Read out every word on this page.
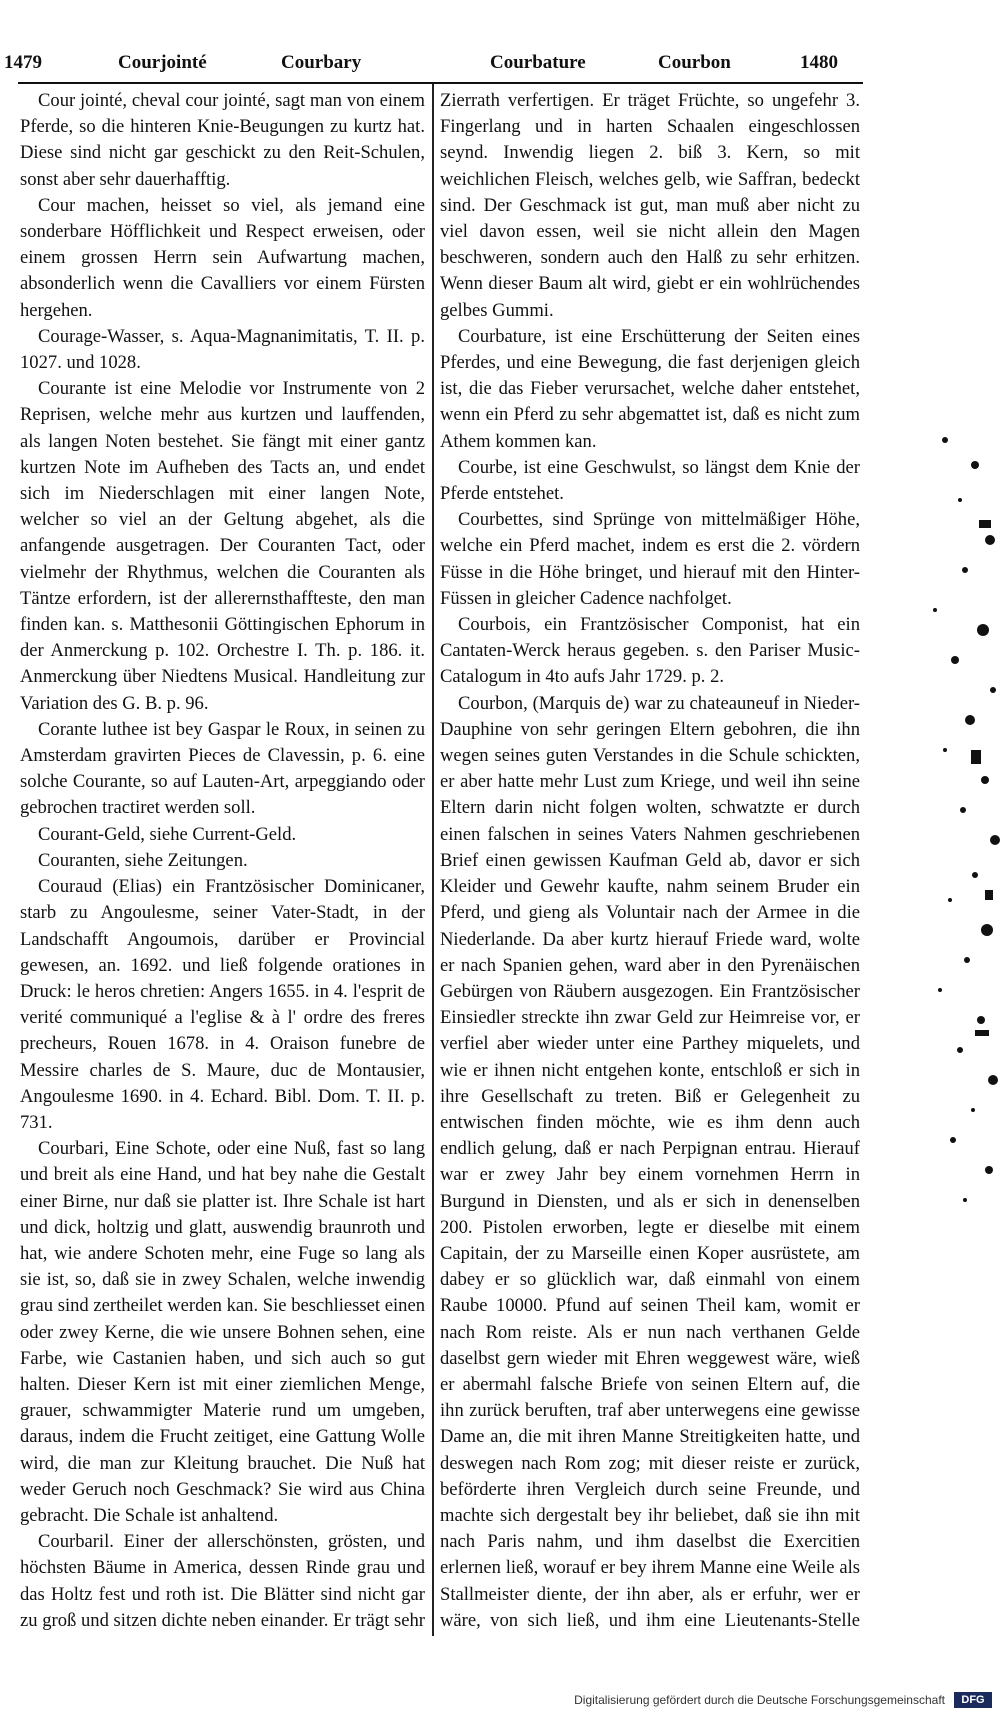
1479	Courjointé	Courbary	Courbature	Courbon	1480

Cour jointé, cheval cour jointé, sagt man von einem Pferde, so die hinteren Knie-Beugungen zu kurtz hat. Diese sind nicht gar geschickt zu den Reit-Schulen, sonst aber sehr dauerhafftig.

Cour machen, heisset so viel, als jemand eine sonderbare Höfflichkeit und Respect erweisen, oder einem grossen Herrn sein Aufwartung machen, absonderlich wenn die Cavalliers vor einem Fürsten hergehen.

Courage-Wasser, s. Aqua-Magnanimitatis, T. II. p. 1027. und 1028.

Courante ist eine Melodie vor Instrumente von 2 Reprisen, welche mehr aus kurtzen und lauffenden, als langen Noten bestehet. Sie fängt mit einer gantz kurtzen Note im Aufheben des Tacts an, und endet sich im Niederschlagen mit einer langen Note, welcher so viel an der Geltung abgehet, als die anfangende ausgetragen. Der Couranten Tact, oder vielmehr der Rhythmus, welchen die Couranten als Täntze erfordern, ist der allerernsthaffteste, den man finden kan. s. Matthesonii Göttingischen Ephorum in der Anmerckung p. 102. Orchestre I. Th. p. 186. it. Anmerckung über Niedtens Musical. Handleitung zur Variation des G. B. p. 96.

Corante luthee ist bey Gaspar le Roux, in seinen zu Amsterdam gravirten Pieces de Clavessin, p. 6. eine solche Courante, so auf Lauten-Art, arpeggiando oder gebrochen tractiret werden soll.

Courant-Geld, siehe Current-Geld.

Couranten, siehe Zeitungen.

Couraud (Elias) ein Frantzösischer Dominicaner, starb zu Angoulesme, seiner Vater-Stadt, in der Landschafft Angoumois, darüber er Provincial gewesen, an. 1692. und ließ folgende orationes in Druck: le heros chretien: Angers 1655. in 4. l'esprit de verité communiqué a l'eglise & à l' ordre des freres precheurs, Rouen 1678. in 4. Oraison funebre de Messire charles de S. Maure, duc de Montausier, Angoulesme 1690. in 4. Echard. Bibl. Dom. T. II. p. 731.

Courbari, Eine Schote, oder eine Nuß, fast so lang und breit als eine Hand, und hat bey nahe die Gestalt einer Birne, nur daß sie platter ist. Ihre Schale ist hart und dick, holtzig und glatt, auswendig braunroth und hat, wie andere Schoten mehr, eine Fuge so lang als sie ist, so, daß sie in zwey Schalen, welche inwendig grau sind zertheilet werden kan. Sie beschliesset einen oder zwey Kerne, die wie unsere Bohnen sehen, eine Farbe, wie Castanien haben, und sich auch so gut halten. Dieser Kern ist mit einer ziemlichen Menge, grauer, schwammigter Materie rund um umgeben, daraus, indem die Frucht zeitiget, eine Gattung Wolle wird, die man zur Kleitung brauchet. Die Nuß hat weder Geruch noch Geschmack? Sie wird aus China gebracht. Die Schale ist anhaltend.

Courbaril. Einer der allerschönsten, grösten, und höchsten Bäume in America, dessen Rinde grau und das Holtz fest und roth ist. Die Blätter sind nicht gar zu groß und sitzen dichte neben einander. Er trägt sehr

Zierrath verfertigen. Er träget Früchte, so ungefehr 3. Fingerlang und in harten Schaalen eingeschlossen seynd. Inwendig liegen 2. biß 3. Kern, so mit weichlichen Fleisch, welches gelb, wie Saffran, bedeckt sind. Der Geschmack ist gut, man muß aber nicht zu viel davon essen, weil sie nicht allein den Magen beschweren, sondern auch den Halß zu sehr erhitzen. Wenn dieser Baum alt wird, giebt er ein wohlrüchendes gelbes Gummi.

Courbature, ist eine Erschütterung der Seiten eines Pferdes, und eine Bewegung, die fast derjenigen gleich ist, die das Fieber verursachet, welche daher entstehet, wenn ein Pferd zu sehr abgemattet ist, daß es nicht zum Athem kommen kan.

Courbe, ist eine Geschwulst, so längst dem Knie der Pferde entstehet.

Courbettes, sind Sprünge von mittelmäßiger Höhe, welche ein Pferd machet, indem es erst die 2. vördern Füsse in die Höhe bringet, und hierauf mit den Hinter-Füssen in gleicher Cadence nachfolget.

Courbois, ein Frantzösischer Componist, hat ein Cantaten-Werck heraus gegeben. s. den Pariser Music-Catalogum in 4to aufs Jahr 1729. p. 2.

Courbon, (Marquis de) war zu chateauneuf in Nieder-Dauphine von sehr geringen Eltern gebohren, die ihn wegen seines guten Verstandes in die Schule schickten, er aber hatte mehr Lust zum Kriege, und weil ihn seine Eltern darin nicht folgen wolten, schwatzte er durch einen falschen in seines Vaters Nahmen geschriebenen Brief einen gewissen Kaufman Geld ab, davor er sich Kleider und Gewehr kaufte, nahm seinem Bruder ein Pferd, und gieng als Voluntair nach der Armee in die Niederlande. Da aber kurtz hierauf Friede ward, wolte er nach Spanien gehen, ward aber in den Pyrenäischen Gebürgen von Räubern ausgezogen. Ein Frantzösischer Einsiedler streckte ihn zwar Geld zur Heimreise vor, er verfiel aber wieder unter eine Parthey miquelets, und wie er ihnen nicht entgehen konte, entschloß er sich in ihre Gesellschaft zu treten. Biß er Gelegenheit zu entwischen finden möchte, wie es ihm denn auch endlich gelung, daß er nach Perpignan entrau. Hierauf war er zwey Jahr bey einem vornehmen Herrn in Burgund in Diensten, und als er sich in denenselben 200. Pistolen erworben, legte er dieselbe mit einem Capitain, der zu Marseille einen Koper ausrüstete, am dabey er so glücklich war, daß einmahl von einem Raube 10000. Pfund auf seinen Theil kam, womit er nach Rom reiste. Als er nun nach verthanen Gelde daselbst gern wieder mit Ehren weggewest wäre, wieß er abermahl falsche Briefe von seinen Eltern auf, die ihn zurück beruften, traf aber unterwegens eine gewisse Dame an, die mit ihren Manne Streitigkeiten hatte, und deswegen nach Rom zog; mit dieser reiste er zurück, beförderte ihren Vergleich durch seine Freunde, und machte sich dergestalt bey ihr beliebet, daß sie ihn mit nach Paris nahm, und ihm daselbst die Exercitien erlernen ließ, worauf er bey ihrem Manne eine Weile als Stallmeister diente, der ihn aber, als er erfuhr, wer er wäre, von sich ließ, und ihm eine Lieutenants-Stelle

Digitalisierung gefördert durch die Deutsche Forschungsgemeinschaft	DFG
